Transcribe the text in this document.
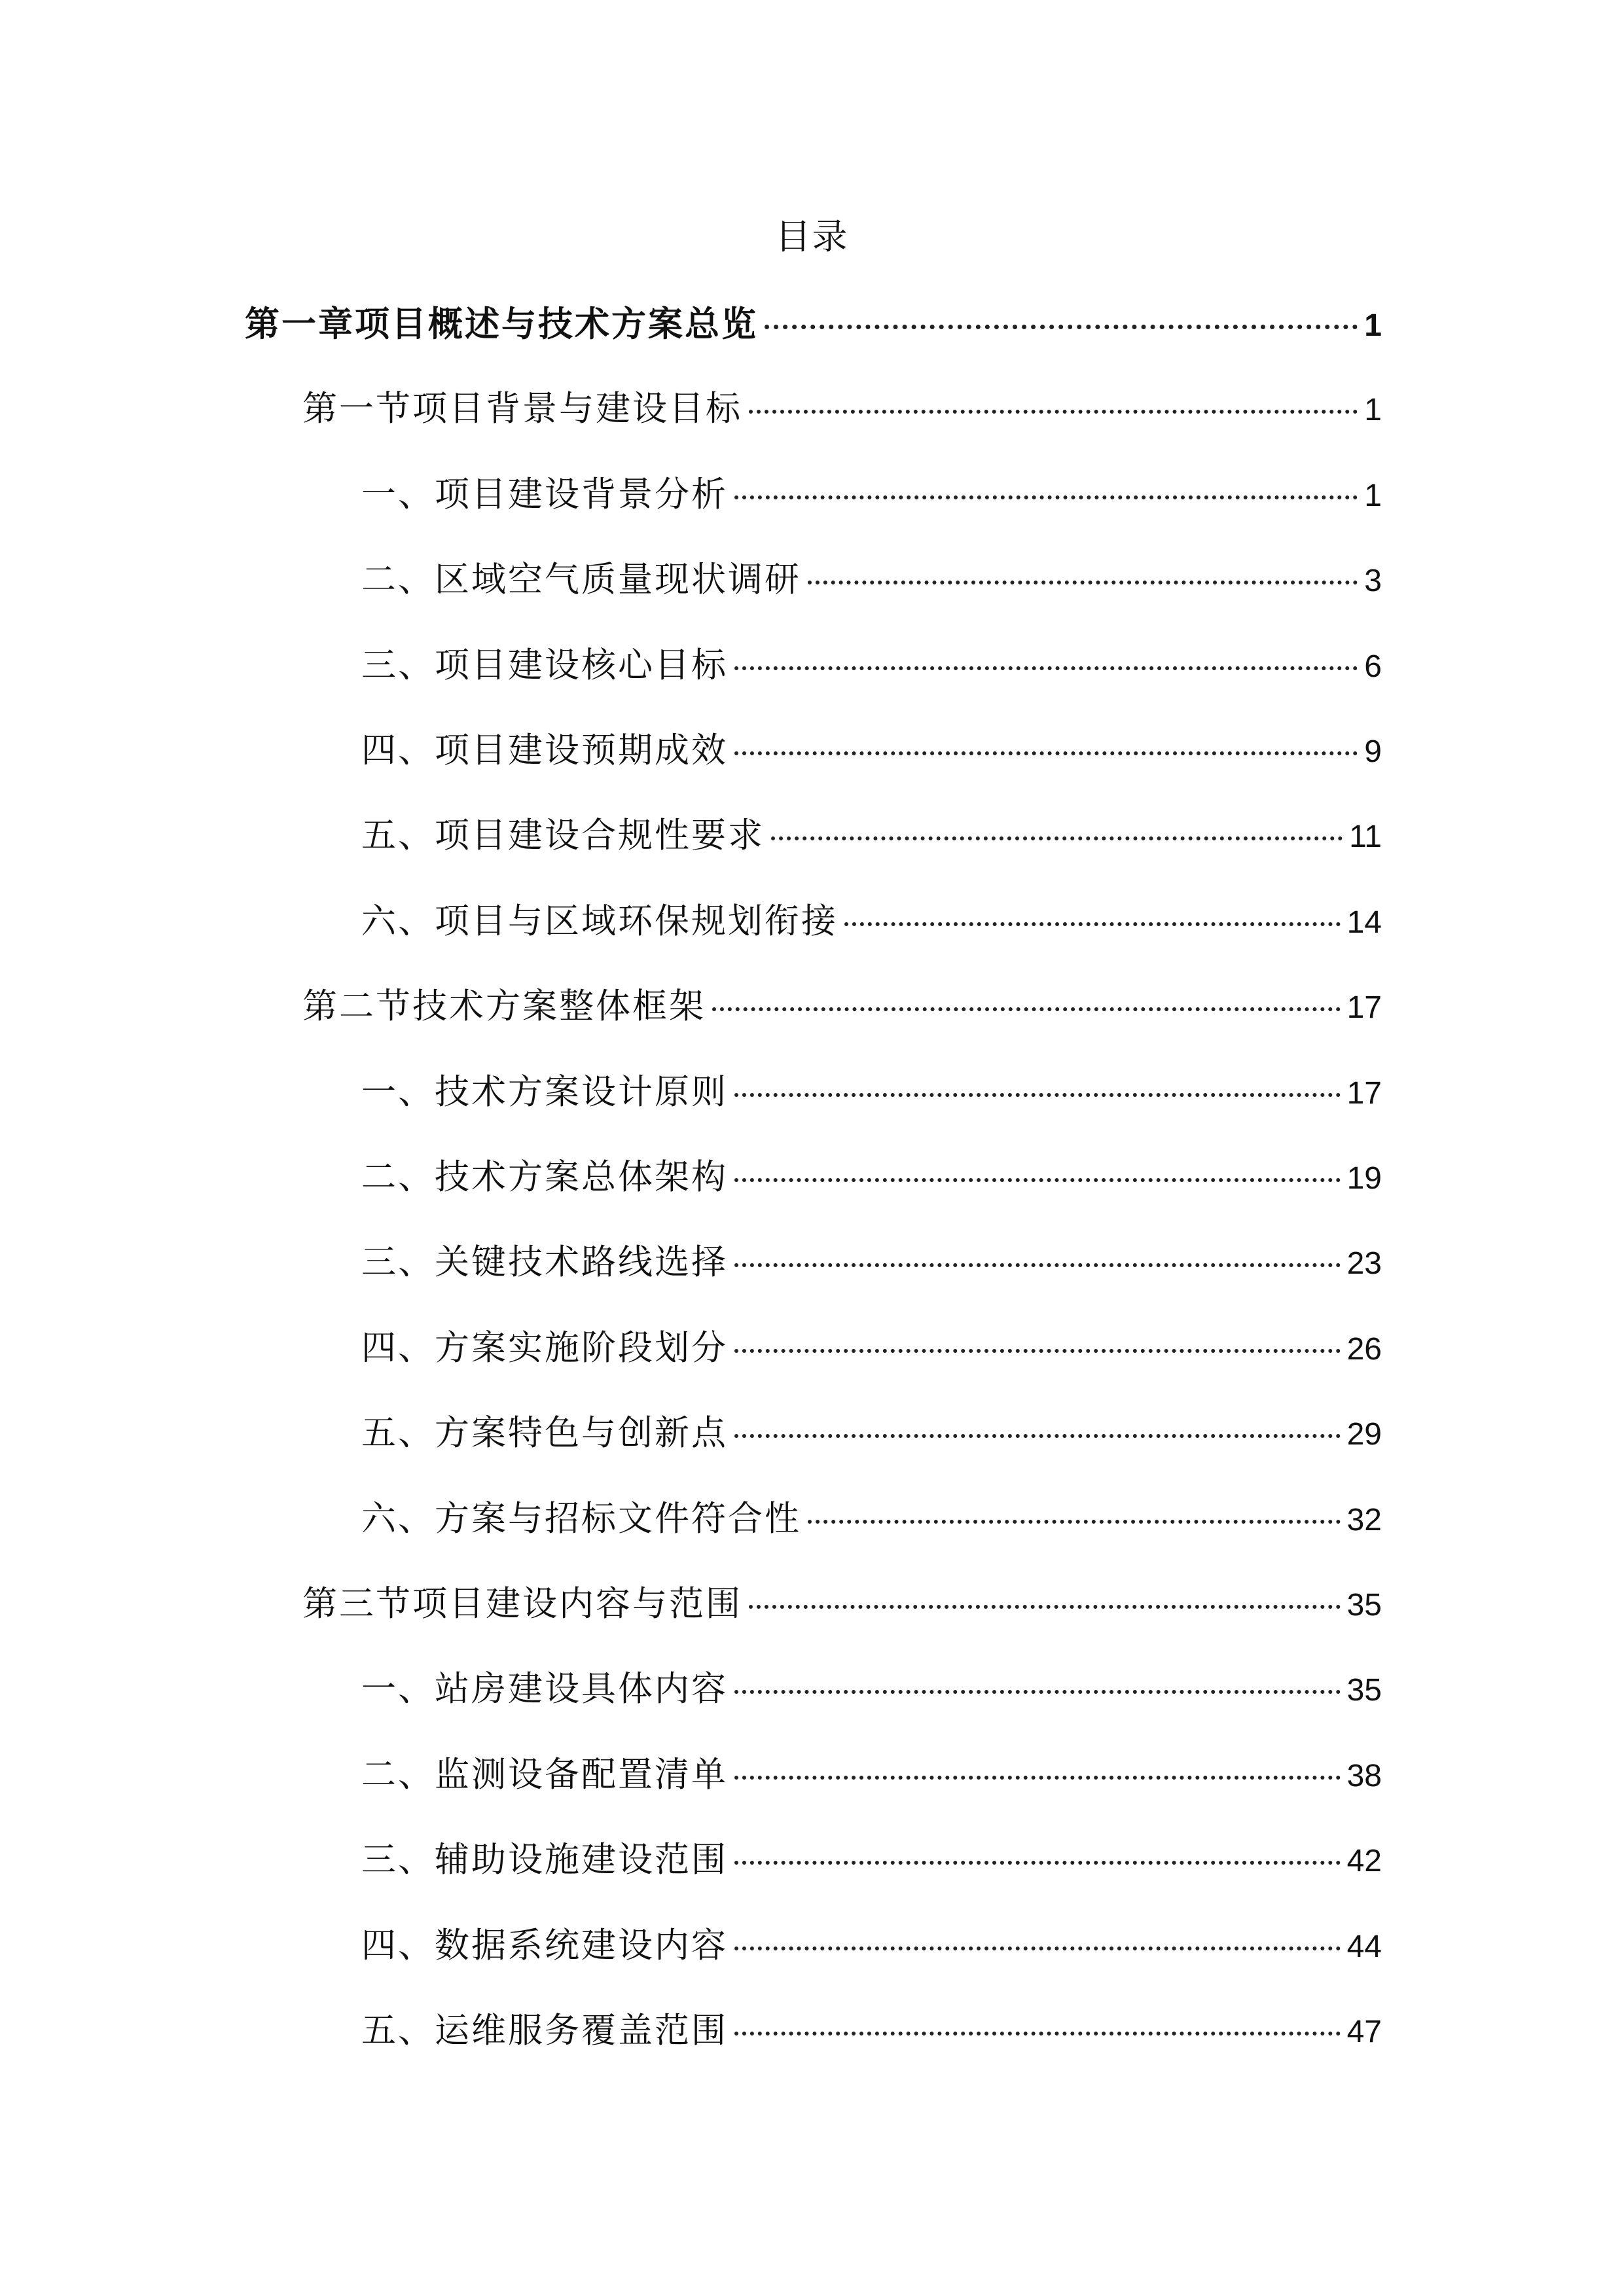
目录
第一章项目概述与技术方案总览	1
第一节项目背景与建设目标	1
一、项目建设背景分析	1
二、区域空气质量现状调研	3
三、项目建设核心目标	6
四、项目建设预期成效	9
五、项目建设合规性要求	11
六、项目与区域环保规划衔接	14
第二节技术方案整体框架	17
一、技术方案设计原则	17
二、技术方案总体架构	19
三、关键技术路线选择	23
四、方案实施阶段划分	26
五、方案特色与创新点	29
六、方案与招标文件符合性	32
第三节项目建设内容与范围	35
一、站房建设具体内容	35
二、监测设备配置清单	38
三、辅助设施建设范围	42
四、数据系统建设内容	44
五、运维服务覆盖范围	47
